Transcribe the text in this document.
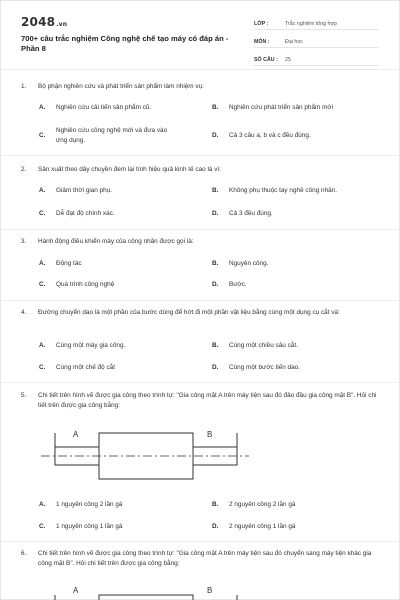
2048.vn
700+ câu trắc nghiệm Công nghệ chế tạo máy có đáp án - Phần 8
LỚP :	Trắc nghiệm tổng hợp
MÔN :	Đại học
SỐ CÂU :	25
1.	Bộ phận nghiên cứu và phát triển sản phẩm làm nhiệm vụ:
A.	Nghiên cứu cải tiến sản phẩm cũ.	B.	Nghiên cứu phát triển sản phẩm mới
C.
Nghiên cứu công nghệ mới và đưa vào ứng dụng.
D.	Cả 3 câu a, b và c đều đúng.
2.	Sản xuất theo dây chuyền đem lại tính hiệu quả kinh tế cao là vì:
A.	Giảm thời gian phụ.	B.	Không phụ thuộc tay nghề công nhân.
C.	Dễ đạt độ chính xác.	D.	Cả 3 đều đúng.
3.	Hành động điều khiển máy của công nhân được gọi là:
A.	Động tác	B.	Nguyên công.
C.	Quá trình công nghệ	D.	Bước.
4.	Đường chuyển dao là một phần của bước dùng để hớt đi một phần vật liệu bằng cùng một dụng cụ cắt và:
A.	Cùng một máy gia công.	B.	Cùng một chiều sâu cắt.
C.	Cùng một chế độ cắt	D.	Cùng một bước tiến dao.
5.	Chi tiết trên hình vẽ được gia công theo trình tự: "Gia công mặt A trên máy tiện sau đó đảo đầu gia công mặt B". Hỏi chi tiết trên được gia công bằng:
A	B
A.	1 nguyên công 2 lần gá	B.	2 nguyên công 2 lần gá
C.	1 nguyên công 1 lần gá	D.	2 nguyên công 1 lần gá
6.	Chi tiết trên hình vẽ được gia công theo trình tự: "Gia công mặt A trên máy tiện sau đó chuyển sang máy tiện khác gia công mặt B". Hỏi chi tiết trên được gia công bằng:
A	B
